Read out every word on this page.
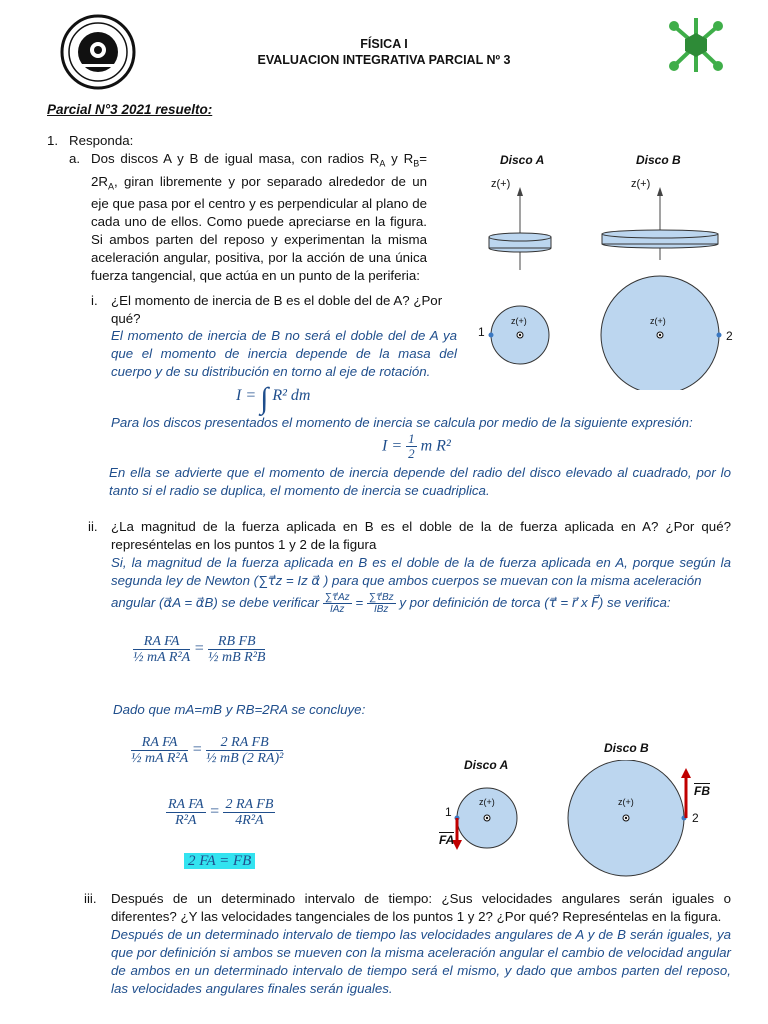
FÍSICA I
EVALUACION INTEGRATIVA PARCIAL Nº 3
Parcial N°3 2021 resuelto:
1. Responda:
a. Dos discos A y B de igual masa, con radios $R_A$ y $R_B= 2R_A$, giran libremente y por separado alrededor de un eje que pasa por el centro y es perpendicular al plano de cada uno de ellos. Como puede apreciarse en la figura. Si ambos parten del reposo y experimentan la misma aceleración angular, positiva, por la acción de una única fuerza tangencial, que actúa en un punto de la periferia:
Disco A	Disco B
z(+)	z(+)
z(+)	z(+)
1	2
i. ¿El momento de inercia de B es el doble del de A? ¿Por qué?
El momento de inercia de B no será el doble del de A ya que el momento de inercia depende de la masa del cuerpo y de su distribución en torno al eje de rotación.
I = ∫ R² dm
Para los discos presentados el momento de inercia se calcula por medio de la siguiente expresión:
$I = \frac{1}{2}$ m R²
En ella se advierte que el momento de inercia depende del radio del disco elevado al cuadrado, por lo tanto si el radio se duplica, el momento de inercia se cuadriplica.
ii. ¿La magnitud de la fuerza aplicada en B es el doble de la de fuerza aplicada en A? ¿Por qué? represéntelas en los puntos 1 y 2 de la figura
Si, la magnitud de la fuerza aplicada en B es el doble de la de fuerza aplicada en A, porque según la segunda ley de Newton (∑τ⃗z = Iz α⃗ ) para que ambos cuerpos se muevan con la misma aceleración
angular (α⃗A = α⃗B) se debe verificar $\frac{\sum\tau⃗Az}{\text{IAz}} = \frac{\sum\tau⃗Bz}{\text{IBz}}$ y por definición de torca (τ⃗ = r⃗ x F⃗) se verifica:
$\frac{\text{RA FA}}{\text{½ mA R²A}} = \frac{\text{RB FB}}{\text{½ mB R²B}}$
Dado que mA=mB y RB=2RA se concluye:
$\frac{\text{RA FA}}{\text{½ mA R²A}} = \frac{\text{2 RA FB}}{\text{½ mB (2 RA)²}}$
$\frac{\text{RA FA}}{\text{R²A}} = \frac{\text{2 RA FB}}{\text{4R²A}}$
2 FA = FB
Disco A
Disco B
z(+)	z(+)
1	2
FA
FB
iii. Después de un determinado intervalo de tiempo: ¿Sus velocidades angulares serán iguales o diferentes? ¿Y las velocidades tangenciales de los puntos 1 y 2? ¿Por qué? Represéntelas en la figura.
Después de un determinado intervalo de tiempo las velocidades angulares de A y de B serán iguales, ya que por definición si ambos se mueven con la misma aceleración angular el cambio de velocidad angular de ambos en un determinado intervalo de tiempo será el mismo, y dado que ambos parten del reposo, las velocidades angulares finales serán iguales.
